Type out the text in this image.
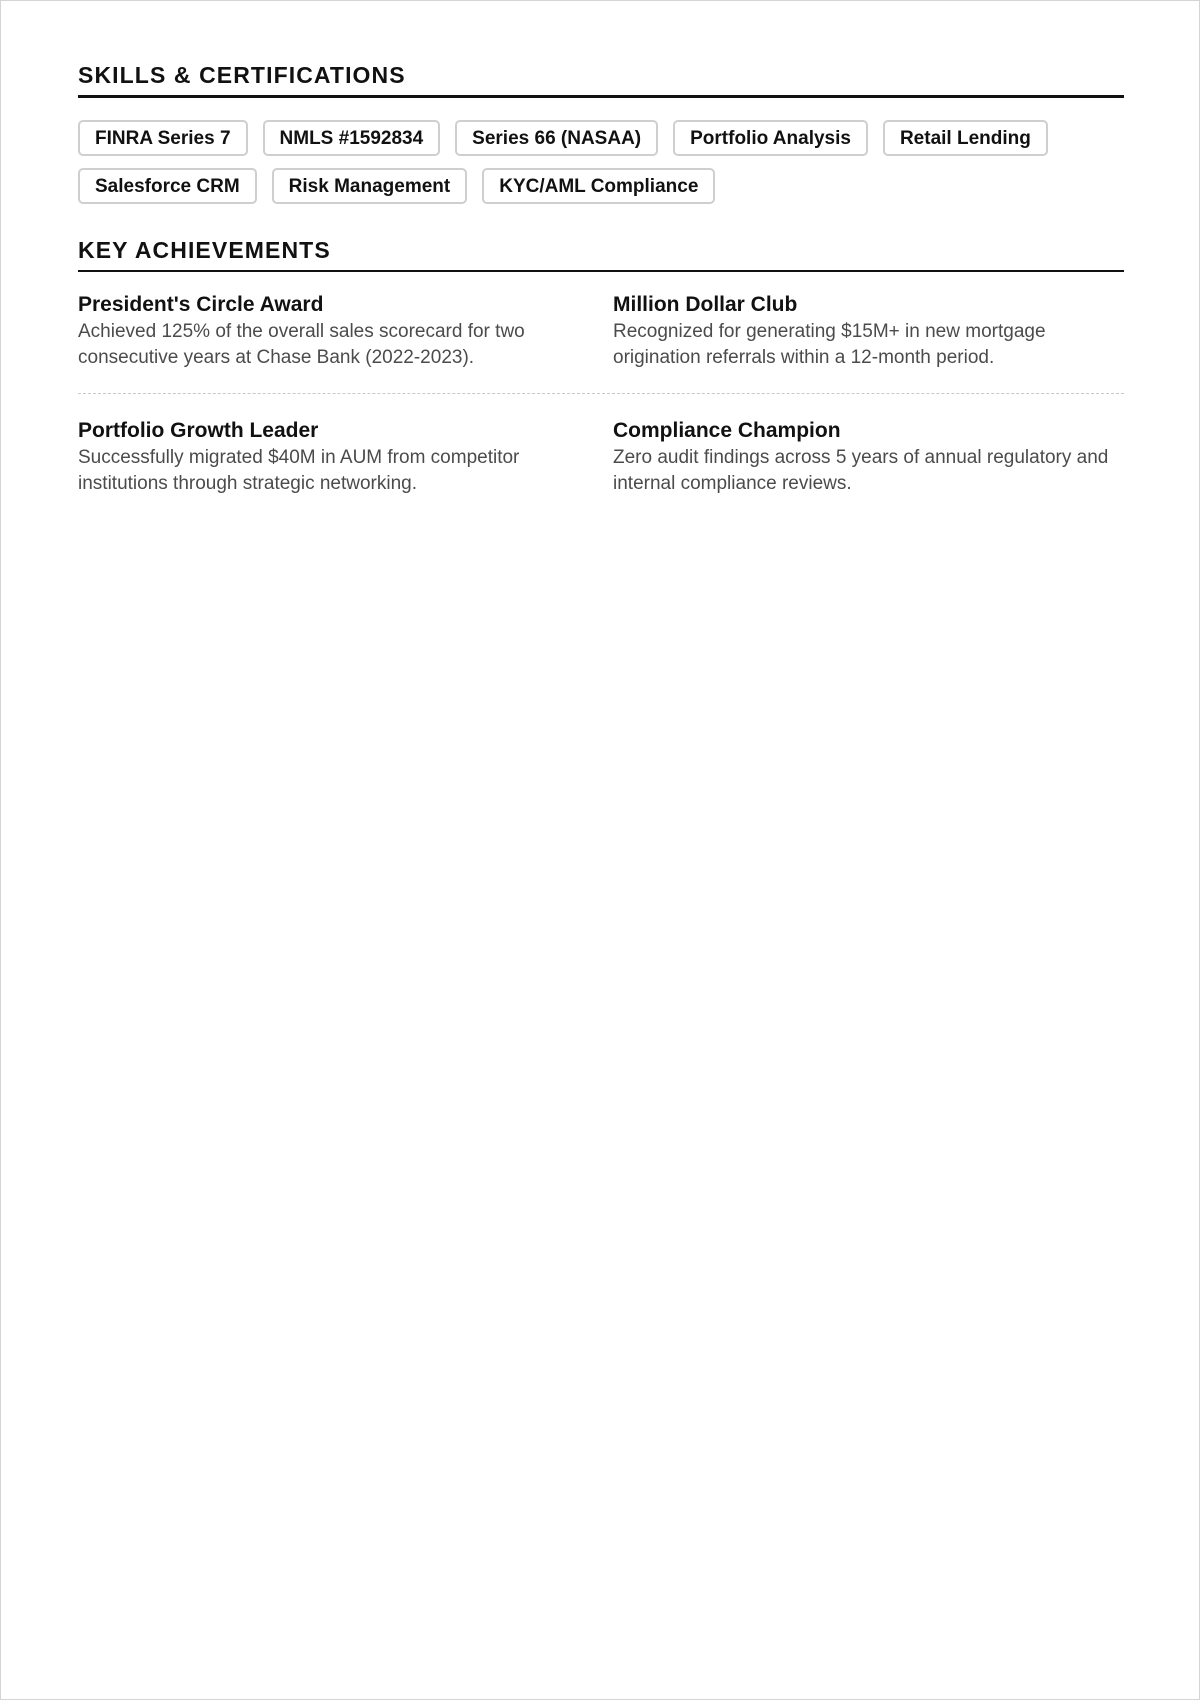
SKILLS & CERTIFICATIONS
FINRA Series 7	NMLS #1592834	Series 66 (NASAA)	Portfolio Analysis	Retail Lending
Salesforce CRM	Risk Management	KYC/AML Compliance
KEY ACHIEVEMENTS
President's Circle Award

Achieved 125% of the overall sales scorecard for two consecutive years at Chase Bank (2022-2023).

Million Dollar Club

Recognized for generating $15M+ in new mortgage origination referrals within a 12-month period.

Portfolio Growth Leader

Successfully migrated $40M in AUM from competitor institutions through strategic networking.

Compliance Champion

Zero audit findings across 5 years of annual regulatory and internal compliance reviews.
